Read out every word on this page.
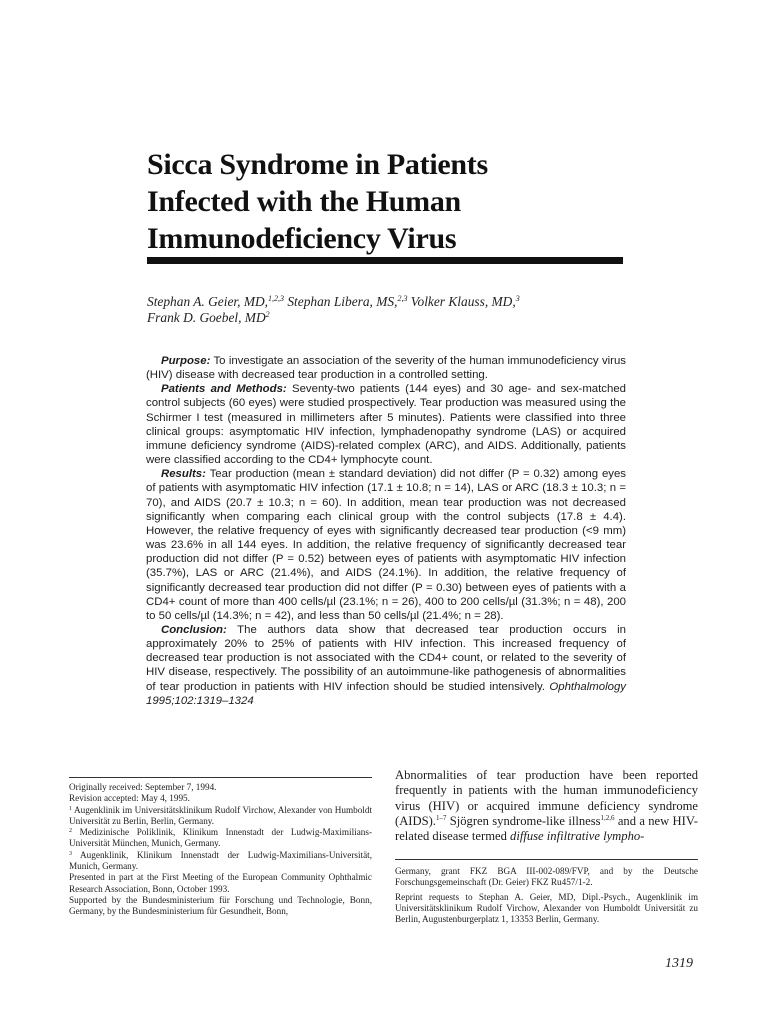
Sicca Syndrome in Patients
Infected with the Human
Immunodeficiency Virus
Stephan A. Geier, MD,$^{1,2,3}$ Stephan Libera, MS,$^{2,3}$ Volker Klauss, MD,$^3$
Frank D. Goebel, $MD^2$

Purpose: To investigate an association of the severity of the human immunodeficiency virus (HIV) disease with decreased tear production in a controlled setting.

Patients and Methods: Seventy-two patients (144 eyes) and 30 age- and sex-matched control subjects (60 eyes) were studied prospectively. Tear production was measured using the Schirmer I test (measured in millimeters after 5 minutes). Patients were classified into three clinical groups: asymptomatic HIV infection, lymphadenopathy syndrome (LAS) or acquired immune deficiency syndrome (AIDS)-related complex (ARC), and AIDS. Additionally, patients were classified according to the CD4+ lymphocyte count.

Results: Tear production (mean ± standard deviation) did not differ (P = 0.32) among eyes of patients with asymptomatic HIV infection (17.1 ± 10.8; n = 14), LAS or ARC (18.3 ± 10.3; n = 70), and AIDS (20.7 ± 10.3; n = 60). In addition, mean tear production was not decreased significantly when comparing each clinical group with the control subjects (17.8 ± 4.4). However, the relative frequency of eyes with significantly decreased tear production (<9 mm) was 23.6% in all 144 eyes. In addition, the relative frequency of significantly decreased tear production did not differ (P = 0.52) between eyes of patients with asymptomatic HIV infection (35.7%), LAS or ARC (21.4%), and AIDS (24.1%). In addition, the relative frequency of significantly decreased tear production did not differ (P = 0.30) between eyes of patients with a CD4+ count of more than 400 cells/µl (23.1%; n = 26), 400 to 200 cells/µl (31.3%; n = 48), 200 to 50 cells/µl (14.3%; n = 42), and less than 50 cells/µl (21.4%; n = 28).

Conclusion: The authors data show that decreased tear production occurs in approximately 20% to 25% of patients with HIV infection. This increased frequency of decreased tear production is not associated with the CD4+ count, or related to the severity of HIV disease, respectively. The possibility of an autoimmune-like pathogenesis of abnormalities of tear production in patients with HIV infection should be studied intensively. Ophthalmology 1995;102:1319–1324

Originally received: September 7, 1994.

Revision accepted: May 4, 1995.

$^1$ Augenklinik im Universitätsklinikum Rudolf Virchow, Alexander von Humboldt Universität zu Berlin, Berlin, Germany.

$^2$ Medizinische Poliklinik, Klinikum Innenstadt der Ludwig-Maximilians-Universität München, Munich, Germany.

$^3$ Augenklinik, Klinikum Innenstadt der Ludwig-Maximilians-Universität, Munich, Germany.

Presented in part at the First Meeting of the European Community Ophthalmic Research Association, Bonn, October 1993.

Supported by the Bundesministerium für Forschung und Technologie, Bonn, Germany, by the Bundesministerium für Gesundheit, Bonn,

Abnormalities of tear production have been reported frequently in patients with the human immunodeficiency virus (HIV) or acquired immune deficiency syndrome (AIDS).$^{1-7}$ Sjögren syndrome-like illness$^{1,2,6}$ and a new HIV-related disease termed diffuse infiltrative lympho-

Germany, grant FKZ BGA III-002-089/FVP, and by the Deutsche Forschungsgemeinschaft (Dr. Geier) FKZ Ru457/1-2.

Reprint requests to Stephan A. Geier, MD, Dipl.-Psych., Augenklinik im Universitätsklinikum Rudolf Virchow, Alexander von Humboldt Universität zu Berlin, Augustenburgerplatz 1, 13353 Berlin, Germany.

1319
